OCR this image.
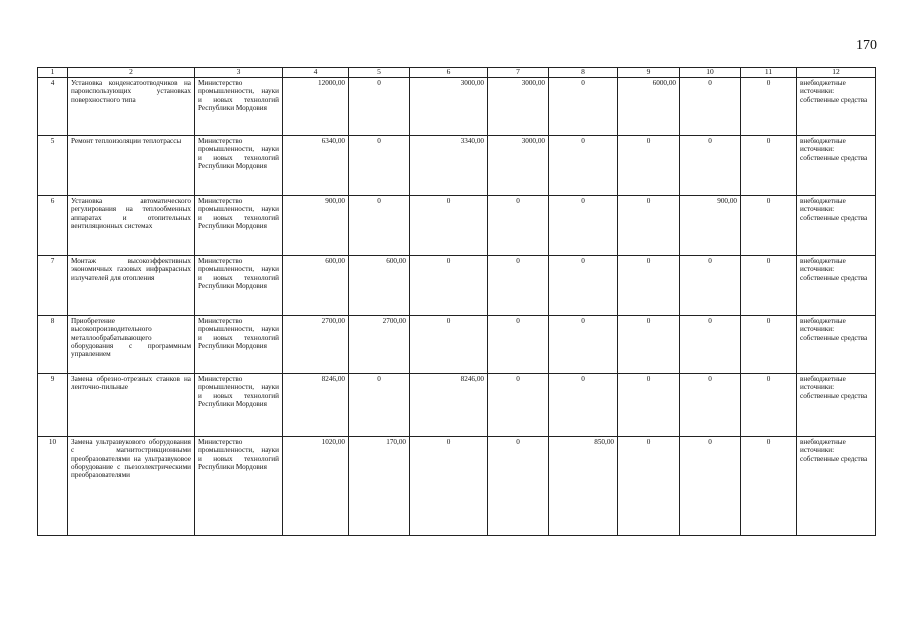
170
1	2	3	4	5	6	7	8	9	10	11	12
4	Установка конденсатоотводчиков на пароиспользующих установках поверхностного типа	Министерство промышленности, науки и новых технологий Республики Мордовия	12000,00	0	3000,00	3000,00	0	6000,00	0	0	внебюджетные источники: собственные средства
5	Ремонт теплоизоляции теплотрассы	Министерство промышленности, науки и новых технологий Республики Мордовия	6340,00	0	3340,00	3000,00	0	0	0	0	внебюджетные источники: собственные средства
6	Установка автоматического регулирования на теплообменных аппаратах и отопительных вентиляционных системах	Министерство промышленности, науки и новых технологий Республики Мордовия	900,00	0	0	0	0	0	900,00	0	внебюджетные источники: собственные средства
7	Монтаж высокоэффективных экономичных газовых инфракрасных излучателей для отопления	Министерство промышленности, науки и новых технологий Республики Мордовия	600,00	600,00	0	0	0	0	0	0	внебюджетные источники: собственные средства
8	Приобретение высокопроизводительного металлообрабатывающего оборудования с программным управлением	Министерство промышленности, науки и новых технологий Республики Мордовия	2700,00	2700,00	0	0	0	0	0	0	внебюджетные источники: собственные средства
9	Замена обрезно-отрезных станков на ленточно-пильные	Министерство промышленности, науки и новых технологий Республики Мордовия	8246,00	0	8246,00	0	0	0	0	0	внебюджетные источники: собственные средства
10	Замена ультразвукового оборудования с магнитострикционными преобразователями на ультразвуковое оборудование с пьезоэлектрическими преобразователями	Министерство промышленности, науки и новых технологий Республики Мордовия	1020,00	170,00	0	0	850,00	0	0	0	внебюджетные источники: собственные средства
